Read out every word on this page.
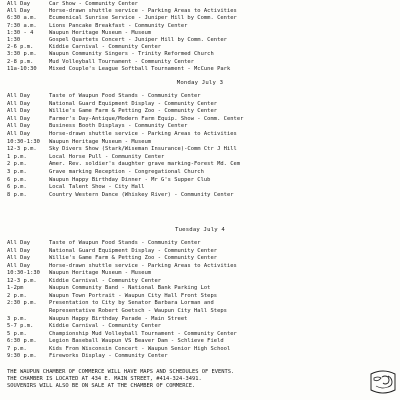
All Day	Car Show - Community Center
All Day	Horse-drawn shuttle service - Parking Areas to Activities
6:30 a.m. Ecumenical Sunrise Service - Juniper Hill by Comm. Center
7:30 a.m. Lions Pancake Breakfast - Community Center
1:30 - 4	Waupun Heritage Museum - Museum
1:30	Gospel Quartets Concert - Juniper Hill by Comm. Center
2-6 p.m.	Kiddie Carnival - Community Center
3:30 p.m. Waupun Community Singers - Trinity Reformed Church
2-8 p.m.	Mud Volleyball Tournament - Community Center
11a-10:30 Mixed Couple's League Softball Tournament - McCune Park
Monday July 3
All Day	Taste of Waupun Food Stands - Community Center
All Day	National Guard Equipment Display - Community Center
All Day	Willie's Game Farm & Petting Zoo - Community Center
All Day	Farmer's Day-Antique/Modern Farm Equip. Show - Comm. Center
All Day	Business Booth Displays - Community Center
All Day	Horse-drawn shuttle service - Parking Areas to Activities
10:30-1:30 Waupun Heritage Museum - Museum
12-3 p.m. Sky Divers Show (Stark/Wiseman Insurance)-Comm Ctr J Hill
1 p.m.	Local Horse Pull - Community Center
2 p.m.	Amer. Rev. soldier's daughter grave marking-Forest Md. Cem
3 p.m.	Grave marking Reception - Congregational Church
6 p.m.	Waupun Happy Birthday Dinner - Mr G's Supper Club
6 p.m.	Local Talent Show - City Hall
8 p.m.	Country Western Dance (Whiskey River) - Community Center
Tuesday July 4
All Day	Taste of Waupun Food Stands - Community Center
All Day	National Guard Equipment Display - Community Center
All Day	Willie's Game Farm & Petting Zoo - Community Center
All Day	Horse-drawn shuttle service - Parking Areas to Activities
10:30-1:30 Waupun Heritage Museum - Museum
12-3 p.m. Kiddie Carnival - Community Center
1-2pm	Waupun Community Band - National Bank Parking Lot
2 p.m.	Waupun Town Portrait - Waupun City Hall Front Steps
2:30 p.m. Presentation to City by Senator Barbara Lorman and
Representative Robert Goetsch - Waupun City Hall Steps
3 p.m.	Waupun Happy Birthday Parade - Main Street
5-7 p.m.	Kiddie Carnival - Community Center
5 p.m.	Championship Mud Volleyball Tournament - Community Center
6:30 p.m. Legion Baseball Waupun VS Beaver Dam - Schlieve Field
7 p.m.	Kids From Wisconsin Concert - Waupun Senior High School
9:30 p.m. Fireworks Display - Community Center
THE WAUPUN CHAMBER OF COMMERCE WILL HAVE MAPS AND SCHEDULES OF EVENTS.
THE CHAMBER IS LOCATED AT 434 E. MAIN STREET, #414-324-3491.
SOUVENIRS WILL ALSO BE ON SALE AT THE CHAMBER OF COMMERCE.
